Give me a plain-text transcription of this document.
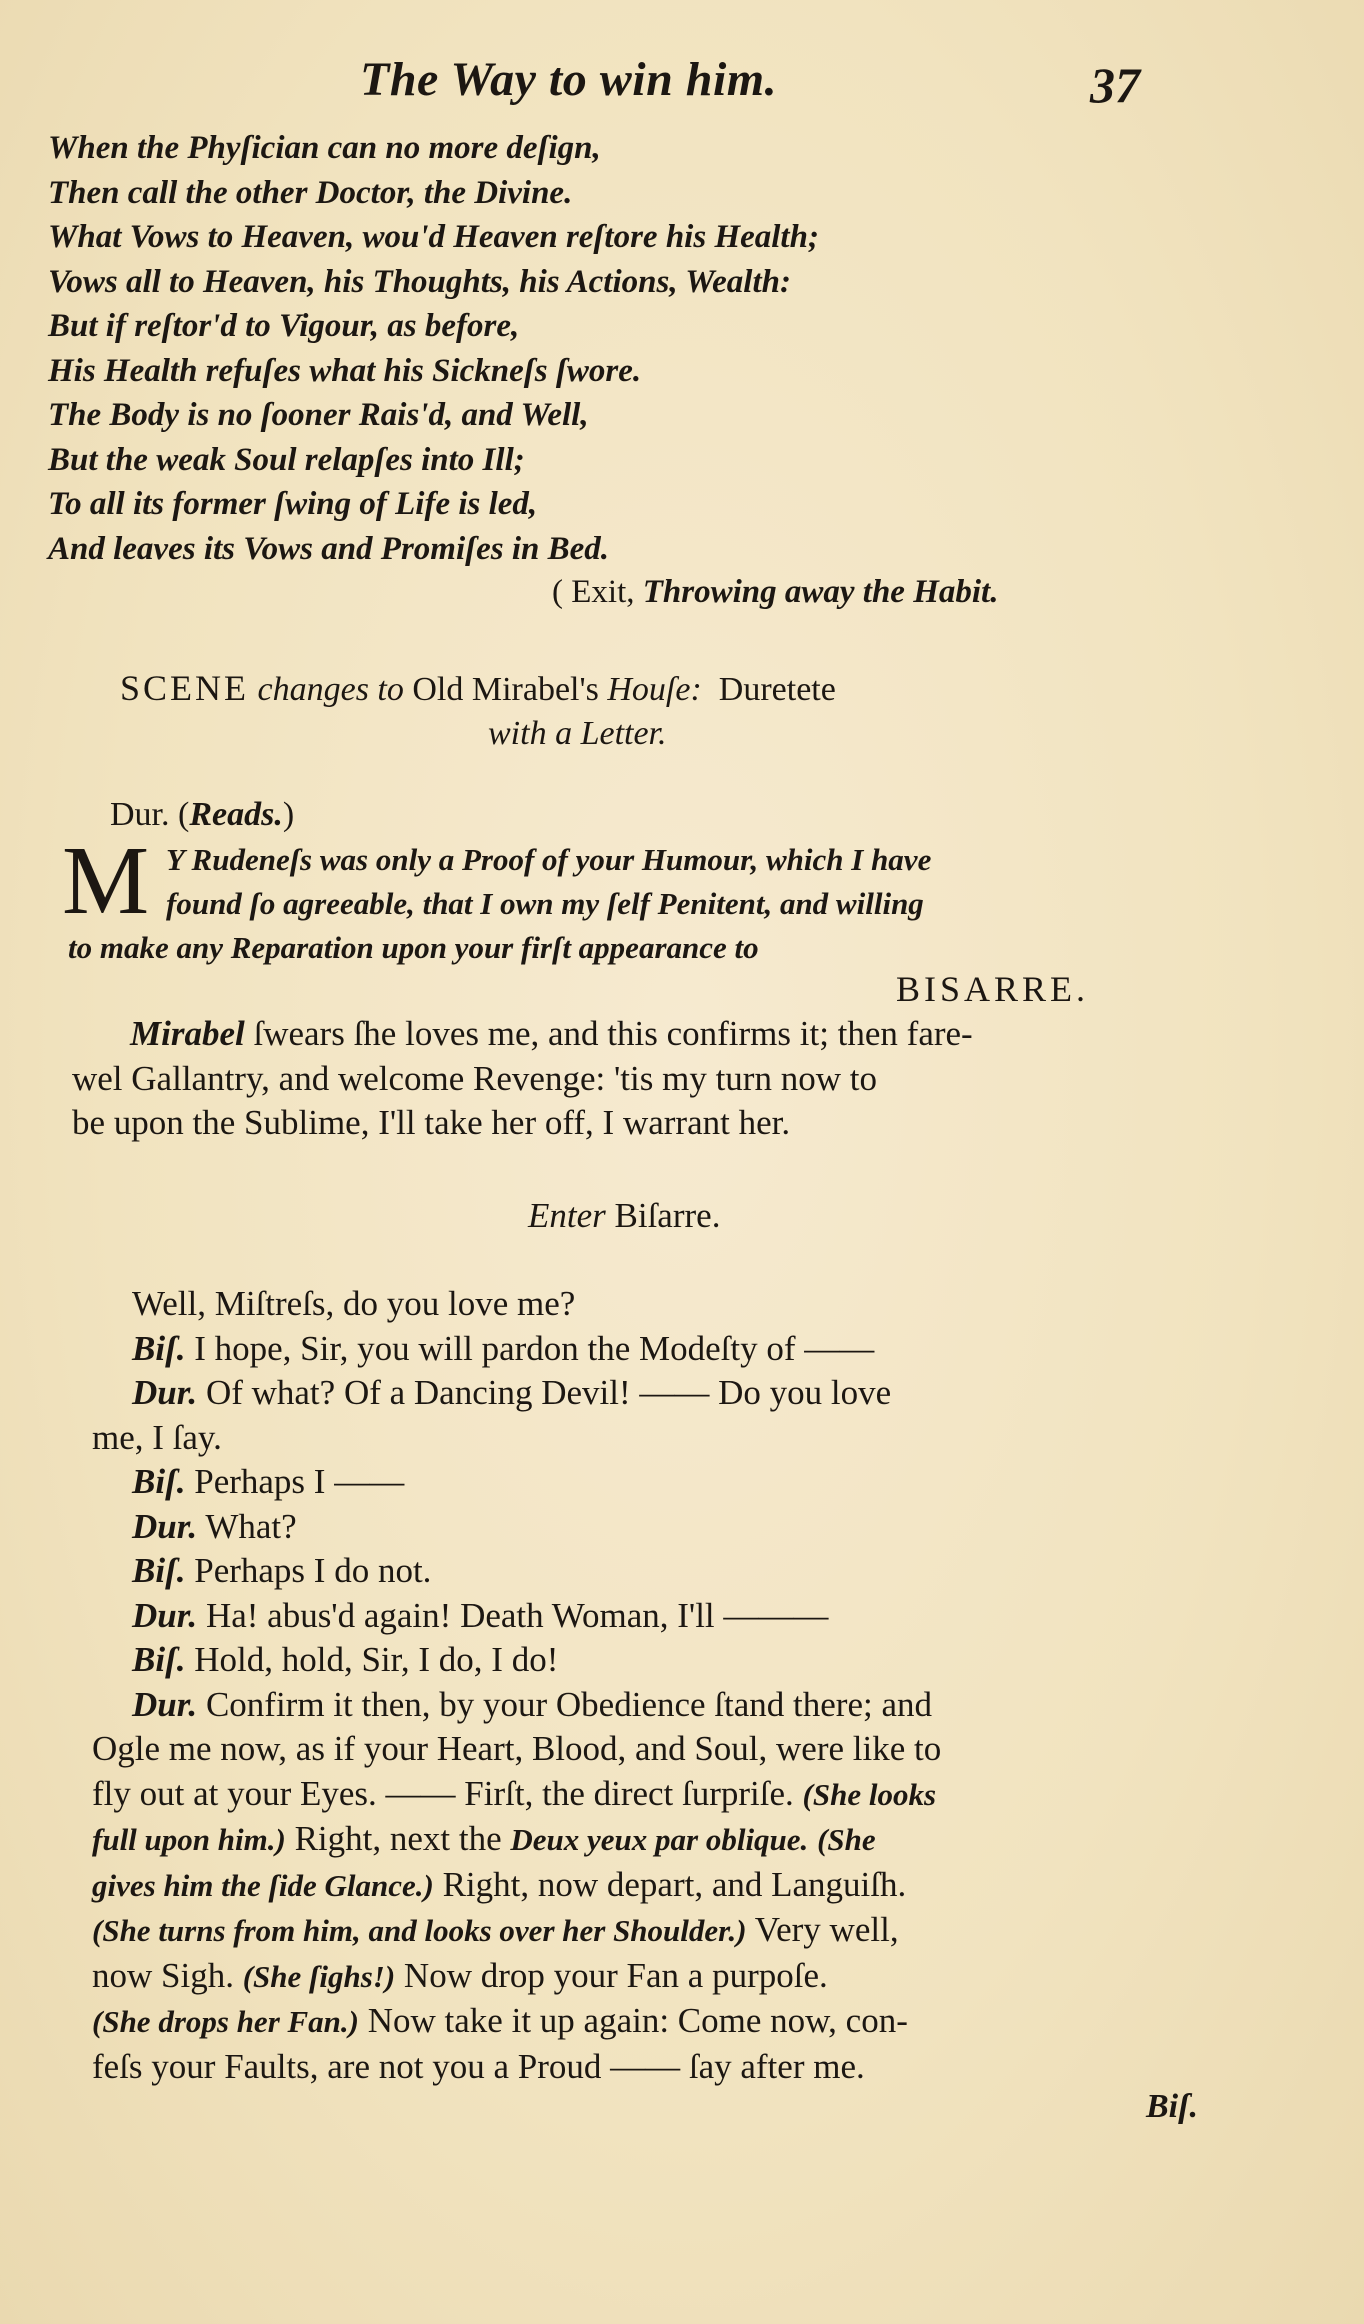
The Way to win him.	37
When the Phyſician can no more deſign,
Then call the other Doctor, the Divine.
What Vows to Heaven, wou'd Heaven reſtore his Health;
Vows all to Heaven, his Thoughts, his Actions, Wealth:
But if reſtor'd to Vigour, as before,
His Health refuſes what his Sickneſs ſwore.
The Body is no ſooner Rais'd, and Well,
But the weak Soul relapſes into Ill;
To all its former ſwing of Life is led,
And leaves its Vows and Promiſes in Bed.
( Exit, Throwing away the Habit.
SCENE changes to Old Mirabel's Houſe: Duretete
with a Letter.
Dur. (Reads.)
M Y Rudeneſs was only a Proof of your Humour, which I have
found ſo agreeable, that I own my ſelf Penitent, and willing
to make any Reparation upon your firſt appearance to
BISARRE.
Mirabel ſwears ſhe loves me, and this confirms it; then fare-
wel Gallantry, and welcome Revenge: 'tis my turn now to
be upon the Sublime, I'll take her off, I warrant her.
Enter Biſarre.
Well, Miſtreſs, do you love me?
Biſ. I hope, Sir, you will pardon the Modeſty of ——
Dur. Of what? Of a Dancing Devil! —— Do you love
me, I ſay.
Biſ. Perhaps I ——
Dur. What?
Biſ. Perhaps I do not.
Dur. Ha! abus'd again! Death Woman, I'll ———
Biſ. Hold, hold, Sir, I do, I do!
Dur. Confirm it then, by your Obedience ſtand there; and
Ogle me now, as if your Heart, Blood, and Soul, were like to
fly out at your Eyes. —— Firſt, the direct ſurpriſe. (She looks
full upon him.) Right, next the Deux yeux par oblique. (She
gives him the ſide Glance.) Right, now depart, and Languiſh.
(She turns from him, and looks over her Shoulder.) Very well,
now Sigh. (She ſighs!) Now drop your Fan a purpoſe.
(She drops her Fan.) Now take it up again: Come now, con-
feſs your Faults, are not you a Proud —— ſay after me.
Biſ.
